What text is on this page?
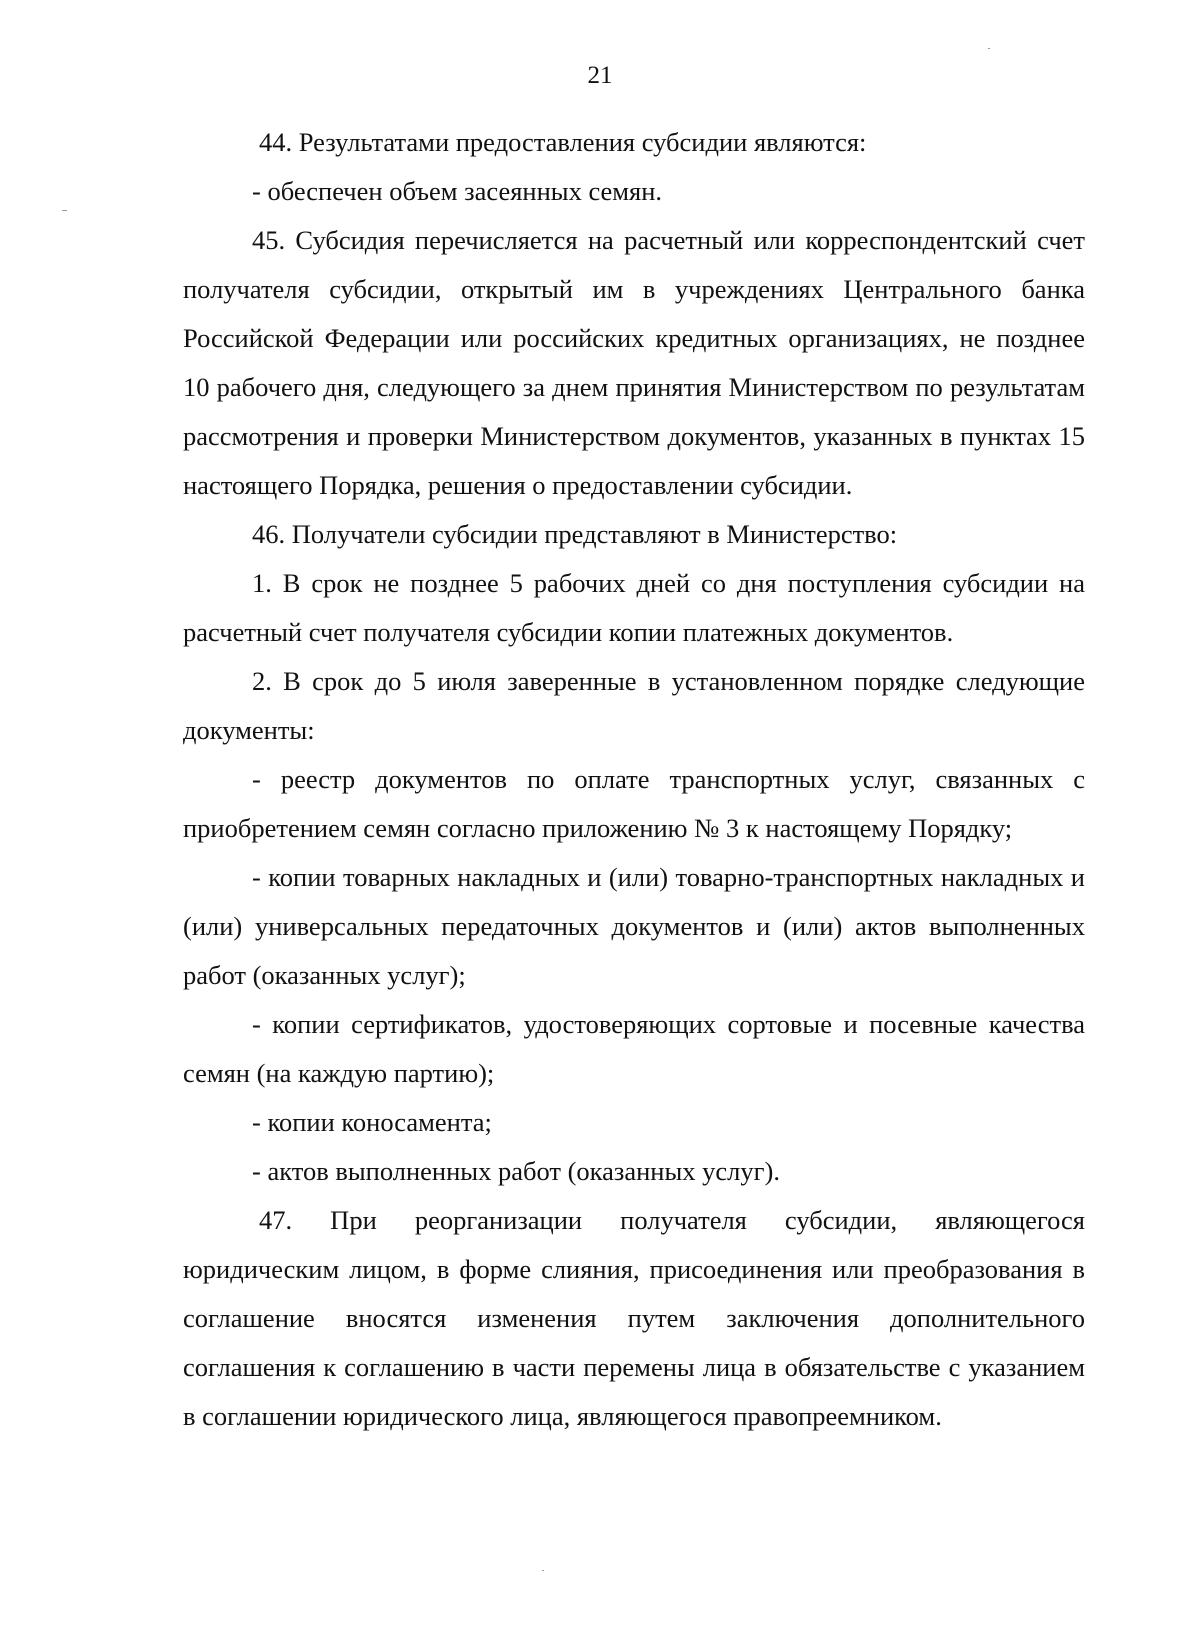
21

44. Результатами предоставления субсидии являются:

- обеспечен объем засеянных семян.

45. Субсидия перечисляется на расчетный или корреспондентский счет получателя субсидии, открытый им в учреждениях Центрального банка Российской Федерации или российских кредитных организациях, не позднее 10 рабочего дня, следующего за днем принятия Министерством по результатам рассмотрения и проверки Министерством документов, указанных в пунктах 15 настоящего Порядка, решения о предоставлении субсидии.

46. Получатели субсидии представляют в Министерство:

1. В срок не позднее 5 рабочих дней со дня поступления субсидии на расчетный счет получателя субсидии копии платежных документов.

2. В срок до 5 июля заверенные в установленном порядке следующие документы:

- реестр документов по оплате транспортных услуг, связанных с приобретением семян согласно приложению № 3 к настоящему Порядку;

- копии товарных накладных и (или) товарно-транспортных накладных и (или) универсальных передаточных документов и (или) актов выполненных работ (оказанных услуг);

- копии сертификатов, удостоверяющих сортовые и посевные качества семян (на каждую партию);

- копии коносамента;

- актов выполненных работ (оказанных услуг).

47. При реорганизации получателя субсидии, являющегося юридическим лицом, в форме слияния, присоединения или преобразования в соглашение вносятся изменения путем заключения дополнительного соглашения к соглашению в части перемены лица в обязательстве с указанием в соглашении юридического лица, являющегося правопреемником.
